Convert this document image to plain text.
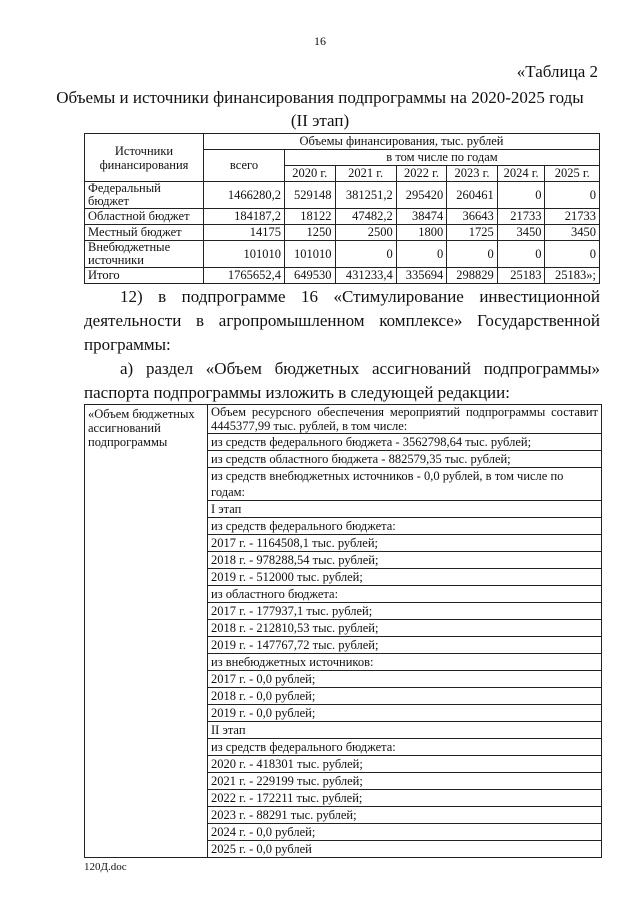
16
«Таблица 2
Объемы и источники финансирования подпрограммы на 2020-2025 годы
(II этап)
Источники финансирования	Объемы финансирования, тыс. рублей						
	всего	в том числе по годам					
		2020 г.	2021 г.	2022 г.	2023 г.	2024 г.	2025 г.
Федеральный бюджет	1466280,2	529148	381251,2	295420	260461	0	0
Областной бюджет	184187,2	18122	47482,2	38474	36643	21733	21733
Местный бюджет	14175	1250	2500	1800	1725	3450	3450
Внебюджетные источники	101010	101010	0	0	0	0	0
Итого	1765652,4	649530	431233,4	335694	298829	25183	25183»;
12) в подпрограмме 16 «Стимулирование инвестиционной деятельности в агропромышленном комплексе» Государственной программы:
а) раздел «Объем бюджетных ассигнований подпрограммы» паспорта подпрограммы изложить в следующей редакции:
«Объем бюджетных ассигнований подпрограммы	
Объем ресурсного обеспечения мероприятий подпрограммы составит 4445377,99 тыс. рублей, в том числе:
из средств федерального бюджета - 3562798,64 тыс. рублей;
из средств областного бюджета - 882579,35 тыс. рублей;
из средств внебюджетных источников - 0,0 рублей, в том числе по годам:
I этап
из средств федерального бюджета:
2017 г. - 1164508,1 тыс. рублей;
2018 г. - 978288,54 тыс. рублей;
2019 г. - 512000 тыс. рублей;
из областного бюджета:
2017 г. - 177937,1 тыс. рублей;
2018 г. - 212810,53 тыс. рублей;
2019 г. - 147767,72 тыс. рублей;
из внебюджетных источников:
2017 г. - 0,0 рублей;
2018 г. - 0,0 рублей;
2019 г. - 0,0 рублей;
II этап
из средств федерального бюджета:
2020 г. - 418301 тыс. рублей;
2021 г. - 229199 тыс. рублей;
2022 г. - 172211 тыс. рублей;
2023 г. - 88291 тыс. рублей;
2024 г. - 0,0 рублей;
2025 г. - 0,0 рублей
120Д.doc
